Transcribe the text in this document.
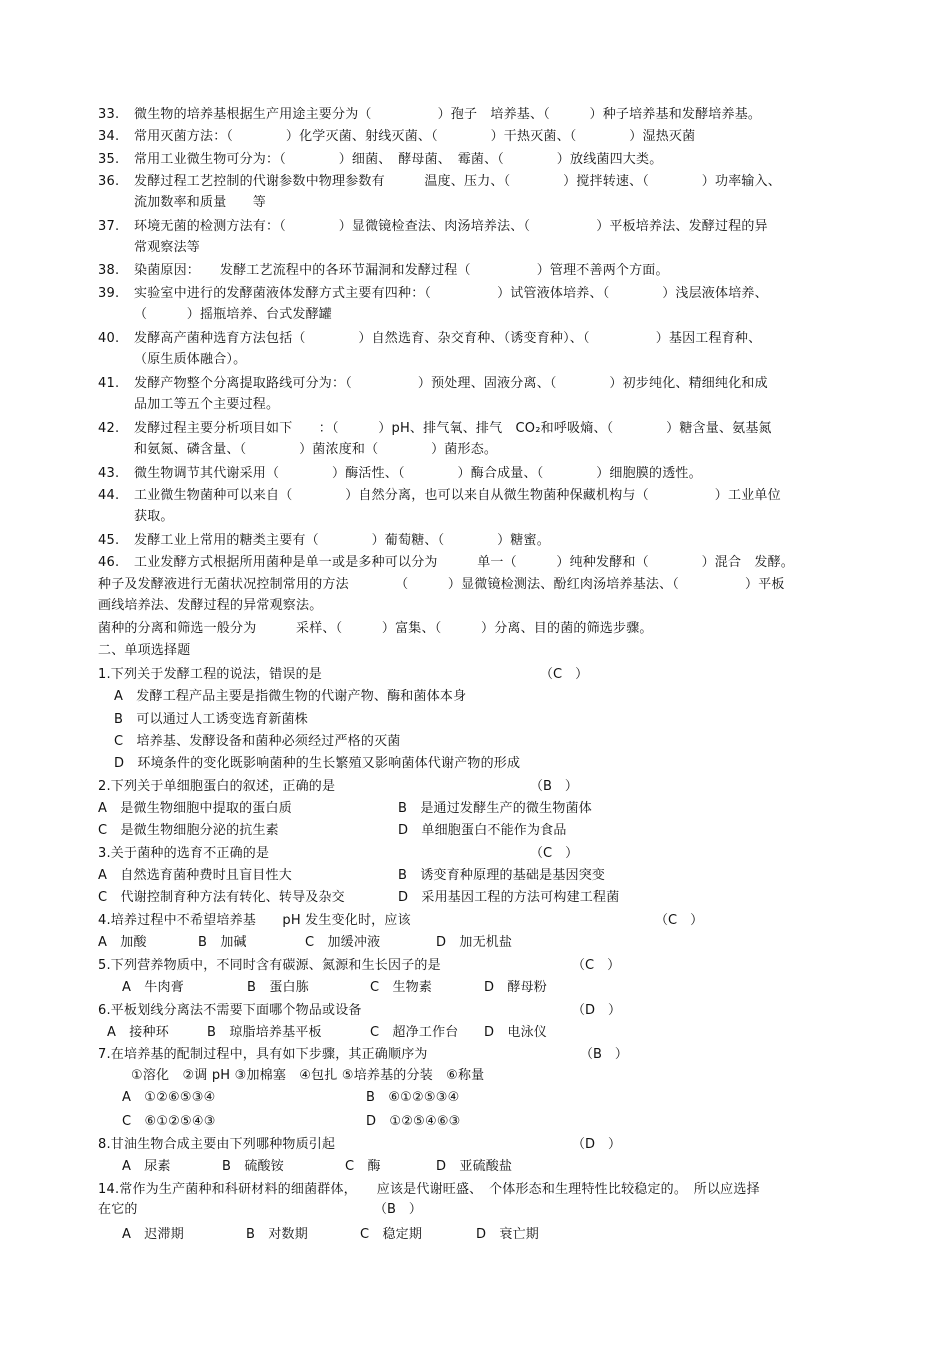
33.	微生物的培养基根据生产用途主要分为（　　　　　）孢子　培养基、（　　　）种子培养基和发酵培养基。
34.	常用灭菌方法：（　　　　）化学灭菌、射线灭菌、（　　　　）干热灭菌、（　　　　）湿热灭菌
35.	常用工业微生物可分为：（　　　　）细菌、　酵母菌、　霉菌、（　　　　）放线菌四大类。
36.	发酵过程工艺控制的代谢参数中物理参数有　　　温度、压力、（　　　　）搅拌转速、（　　　　）功率输入、
流加数率和质量　　等
37.	环境无菌的检测方法有：（　　　　）显微镜检查法、肉汤培养法、（　　　　　）平板培养法、发酵过程的异
常观察法等
38.	染菌原因：　　发酵工艺流程中的各环节漏洞和发酵过程（　　　　　）管理不善两个方面。
39.	实验室中进行的发酵菌液体发酵方式主要有四种：（　　　　　）试管液体培养、（　　　　）浅层液体培养、
（　　　）摇瓶培养、台式发酵罐
40.	发酵高产菌种选育方法包括（　　　　）自然选育、杂交育种、（诱变育种）、（　　　　　）基因工程育种、
（原生质体融合）。
41.	发酵产物整个分离提取路线可分为：（　　　　　）预处理、固液分离、（　　　　）初步纯化、精细纯化和成
品加工等五个主要过程。
42.	发酵过程主要分析项目如下　　：（　　　）pH、排气氧、排气　CO₂和呼吸熵、（　　　　）糖含量、氨基氮
和氨氮、磷含量、（　　　　）菌浓度和（　　　　）菌形态。
43.	微生物调节其代谢采用（　　　　）酶活性、（　　　　）酶合成量、（　　　　）细胞膜的透性。
44.	工业微生物菌种可以来自（　　　　）自然分离，也可以来自从微生物菌种保藏机构与（　　　　　）工业单位
获取。
45.	发酵工业上常用的糖类主要有（　　　　）葡萄糖、（　　　　）糖蜜。
46.	工业发酵方式根据所用菌种是单一或是多种可以分为　　　单一（　　　）纯种发酵和（　　　　）混合　发酵。
种子及发酵液进行无菌状况控制常用的方法　　　　（　　　）显微镜检测法、酚红肉汤培养基法、（　　　　　）平板
画线培养法、发酵过程的异常观察法。
菌种的分离和筛选一般分为　　　采样、（　　　）富集、（　　　）分离、目的菌的筛选步骤。
二、单项选择题
1.下列关于发酵工程的说法，错误的是	（C　）
A　发酵工程产品主要是指微生物的代谢产物、酶和菌体本身
B　可以通过人工诱变选育新菌株
C　培养基、发酵设备和菌种必须经过严格的灭菌
D　环境条件的变化既影响菌种的生长繁殖又影响菌体代谢产物的形成
2.下列关于单细胞蛋白的叙述，正确的是	（B　）
A　是微生物细胞中提取的蛋白质	B　是通过发酵生产的微生物菌体
C　是微生物细胞分泌的抗生素	D　单细胞蛋白不能作为食品
3.关于菌种的选育不正确的是	（C　）
A　自然选育菌种费时且盲目性大	B　诱变育种原理的基础是基因突变
C　代谢控制育种方法有转化、转导及杂交	D　采用基因工程的方法可构建工程菌
4.培养过程中不希望培养基　　pH 发生变化时，应该	（C　）
A　加酸	B　加碱	C　加缓冲液	D　加无机盐
5.下列营养物质中，不同时含有碳源、氮源和生长因子的是	（C　）
A　牛肉膏	B　蛋白胨	C　生物素	D　酵母粉
6.平板划线分离法不需要下面哪个物品或设备	（D　）
A　接种环	B　琼脂培养基平板	C　超净工作台 D　电泳仪
7.在培养基的配制过程中，具有如下步骤，其正确顺序为	（B　）
①溶化　②调 pH ③加棉塞　④包扎 ⑤培养基的分装　⑥称量
A　①②⑥⑤③④	B　⑥①②⑤③④
C　⑥①②⑤④③	D　①②⑤④⑥③
8.甘油生物合成主要由下列哪种物质引起	（D　）
A　尿素	B　硫酸铵	C　酶	D　亚硫酸盐
14.常作为生产菌种和科研材料的细菌群体，　　应该是代谢旺盛、　个体形态和生理特性比较稳定的。　所以应选择
在它的	（B　）
A　迟滞期	B　对数期	C　稳定期	D　衰亡期
